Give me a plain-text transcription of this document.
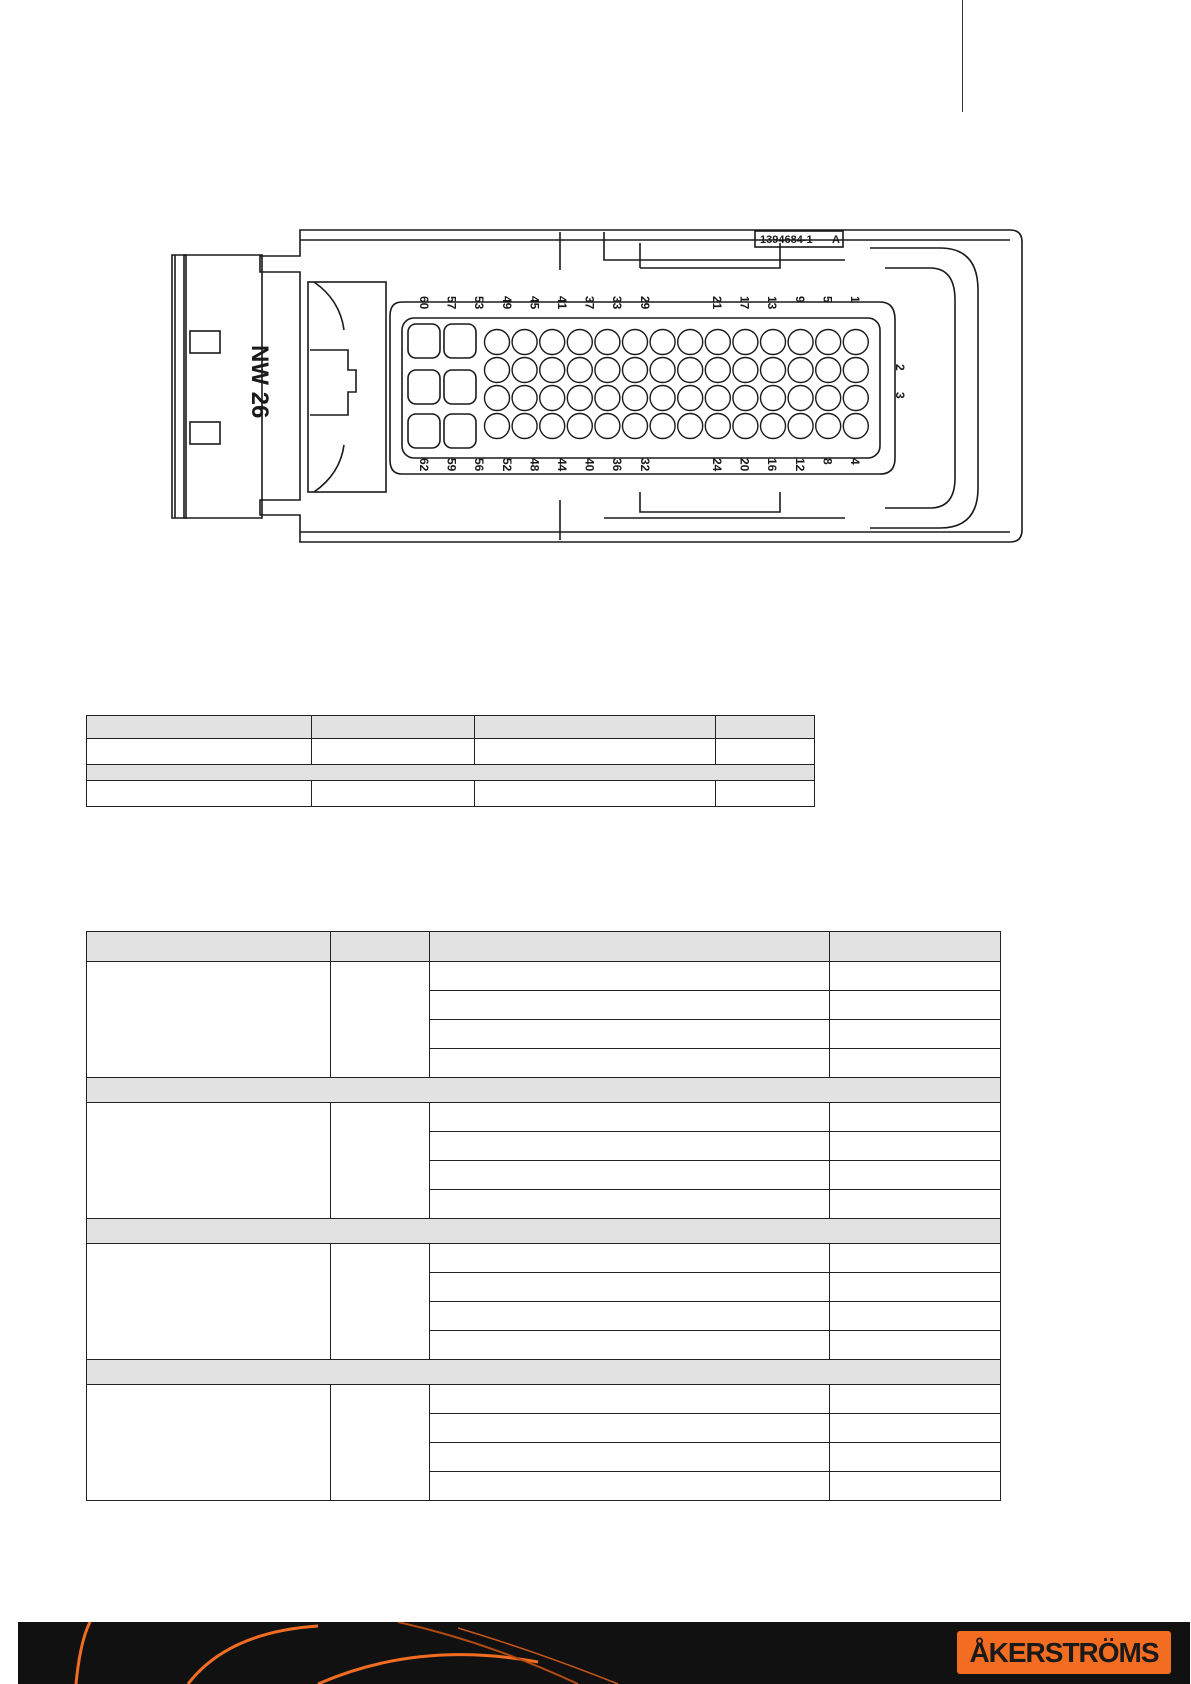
1394684-1 A
NW 26
60 57 53 49 45 41 37 33 29	21 17 13 9 5 1
62 59 56 52 48 44 40 36 32	24 20 16 12 8 4
2
3

ÅKERSTRÖMS
